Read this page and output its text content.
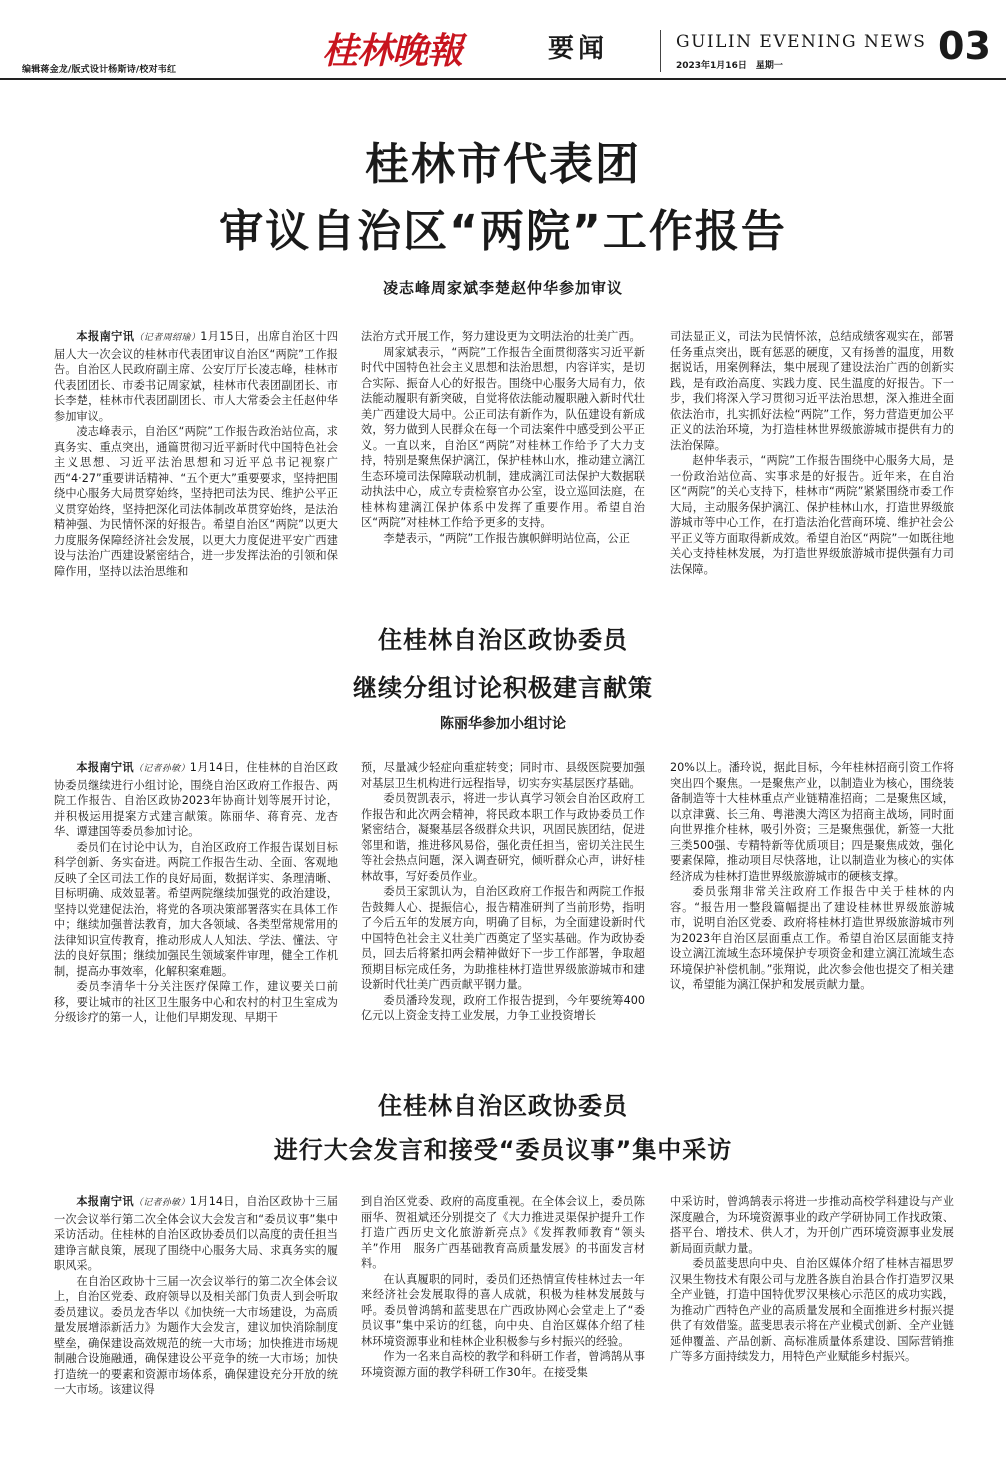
编辑蒋金龙/版式设计杨斯诗/校对韦红	桂林晚報	要闻	GUILIN EVENING NEWS
2023年1月16日　星期一	03
桂林市代表团
审议自治区“两院”工作报告
凌志峰周家斌李楚赵仲华参加审议

本报南宁讯（记者周绍瑜）1月15日，出席自治区十四届人大一次会议的桂林市代表团审议自治区“两院”工作报告。自治区人民政府副主席、公安厅厅长凌志峰，桂林市代表团团长、市委书记周家斌，桂林市代表团副团长、市长李楚，桂林市代表团副团长、市人大常委会主任赵仲华参加审议。

凌志峰表示，自治区“两院”工作报告政治站位高，求真务实、重点突出，通篇贯彻习近平新时代中国特色社会主义思想、习近平法治思想和习近平总书记视察广西“4·27”重要讲话精神、“五个更大”重要要求，坚持把围绕中心服务大局贯穿始终，坚持把司法为民、维护公平正义贯穿始终，坚持把深化司法体制改革贯穿始终，是法治精神强、为民情怀深的好报告。希望自治区“两院”以更大力度服务保障经济社会发展，以更大力度促进平安广西建设与法治广西建设紧密结合，进一步发挥法治的引领和保障作用，坚持以法治思维和

法治方式开展工作，努力建设更为文明法治的壮美广西。

周家斌表示，“两院”工作报告全面贯彻落实习近平新时代中国特色社会主义思想和法治思想，内容详实，是切合实际、振奋人心的好报告。围绕中心服务大局有力，依法能动履职有新突破，自觉将依法能动履职融入新时代壮美广西建设大局中。公正司法有新作为，队伍建设有新成效，努力做到人民群众在每一个司法案件中感受到公平正义。一直以来，自治区“两院”对桂林工作给予了大力支持，特别是聚焦保护漓江，保护桂林山水，推动建立漓江生态环境司法保障联动机制，建成漓江司法保护大数据联动执法中心，成立专责检察官办公室，设立巡回法庭，在桂林构建漓江保护体系中发挥了重要作用。希望自治区“两院”对桂林工作给予更多的支持。

李楚表示，“两院”工作报告旗帜鲜明站位高，公正

司法显正义，司法为民情怀浓，总结成绩客观实在，部署任务重点突出，既有惩恶的硬度，又有扬善的温度，用数据说话，用案例释法，集中展现了建设法治广西的创新实践，是有政治高度、实践力度、民生温度的好报告。下一步，我们将深入学习贯彻习近平法治思想，深入推进全面依法治市，扎实抓好法检“两院”工作，努力营造更加公平正义的法治环境，为打造桂林世界级旅游城市提供有力的法治保障。

赵仲华表示，“两院”工作报告围绕中心服务大局，是一份政治站位高、实事求是的好报告。近年来，在自治区“两院”的关心支持下，桂林市“两院”紧紧围绕市委工作大局，主动服务保护漓江、保护桂林山水，打造世界级旅游城市等中心工作，在打造法治化营商环境、维护社会公平正义等方面取得新成效。希望自治区“两院”一如既往地关心支持桂林发展，为打造世界级旅游城市提供强有力司法保障。

住桂林自治区政协委员
继续分组讨论积极建言献策
陈丽华参加小组讨论

本报南宁讯（记者孙敏）1月14日，住桂林的自治区政协委员继续进行小组讨论，围绕自治区政府工作报告、两院工作报告、自治区政协2023年协商计划等展开讨论，并积极运用提案方式建言献策。陈丽华、蒋育亮、龙杏华、谭建国等委员参加讨论。

委员们在讨论中认为，自治区政府工作报告谋划目标科学创新、务实奋进。两院工作报告生动、全面、客观地反映了全区司法工作的良好局面，数据详实、条理清晰、目标明确、成效显著。希望两院继续加强党的政治建设，坚持以党建促法治，将党的各项决策部署落实在具体工作中；继续加强普法教育，加大各领域、各类型常规常用的法律知识宣传教育，推动形成人人知法、学法、懂法、守法的良好氛围；继续加强民生领域案件审理，健全工作机制，提高办事效率，化解积案难题。

委员李清华十分关注医疗保障工作，建议要关口前移，要让城市的社区卫生服务中心和农村的村卫生室成为分级诊疗的第一人，让他们早期发现、早期干

预，尽量减少轻症向重症转变；同时市、县级医院要加强对基层卫生机构进行远程指导，切实夯实基层医疗基础。

委员贺凯表示，将进一步认真学习领会自治区政府工作报告和此次两会精神，将民政本职工作与政协委员工作紧密结合，凝聚基层各级群众共识，巩固民族团结，促进邻里和谐，推进移风易俗，强化责任担当，密切关注民生等社会热点问题，深入调查研究，倾听群众心声，讲好桂林故事，写好委员作业。

委员王家凯认为，自治区政府工作报告和两院工作报告鼓舞人心、提振信心，报告精准研判了当前形势，指明了今后五年的发展方向，明确了目标，为全面建设新时代中国特色社会主义壮美广西奠定了坚实基础。作为政协委员，回去后将紧扣两会精神做好下一步工作部署，争取超预期目标完成任务，为助推桂林打造世界级旅游城市和建设新时代壮美广西贡献平钢力量。

委员潘玲发现，政府工作报告提到，今年要统筹400亿元以上资金支持工业发展，力争工业投资增长

20%以上。潘玲说，据此目标，今年桂林招商引资工作将突出四个聚焦。一是聚焦产业，以制造业为核心，围绕装备制造等十大桂林重点产业链精准招商；二是聚焦区域，以京津冀、长三角、粤港澳大湾区为招商主战场，同时面向世界推介桂林，吸引外资；三是聚焦强优，新签一大批三类500强、专精特新等优质项目；四是聚焦成效，强化要素保障，推动项目尽快落地，让以制造业为核心的实体经济成为桂林打造世界级旅游城市的硬核支撑。

委员张翔非常关注政府工作报告中关于桂林的内容。“报告用一整段篇幅提出了建设桂林世界级旅游城市，说明自治区党委、政府将桂林打造世界级旅游城市列为2023年自治区层面重点工作。希望自治区层面能支持设立漓江流域生态环境保护专项资金和建立漓江流域生态环境保护补偿机制。”张翔说，此次参会他也提交了相关建议，希望能为漓江保护和发展贡献力量。

住桂林自治区政协委员
进行大会发言和接受“委员议事”集中采访

本报南宁讯（记者孙敏）1月14日，自治区政协十三届一次会议举行第二次全体会议大会发言和“委员议事”集中采访活动。住桂林的自治区政协委员们以高度的责任担当建诤言献良策，展现了围绕中心服务大局、求真务实的履职风采。

在自治区政协十三届一次会议举行的第二次全体会议上，自治区党委、政府领导以及相关部门负责人到会听取委员建议。委员龙杏华以《加快统一大市场建设，为高质量发展增添新活力》为题作大会发言，建议加快消除制度壁垒，确保建设高效规范的统一大市场；加快推进市场规制融合设施融通，确保建设公平竞争的统一大市场；加快打造统一的要素和资源市场体系，确保建设充分开放的统一大市场。该建议得

到自治区党委、政府的高度重视。在全体会议上，委员陈丽华、贺祖斌还分别提交了《大力推进灵渠保护提升工作　打造广西历史文化旅游新亮点》《发挥教师教育“领头羊”作用　服务广西基础教育高质量发展》的书面发言材料。

在认真履职的同时，委员们还热情宣传桂林过去一年来经济社会发展取得的喜人成就，积极为桂林发展鼓与呼。委员曾鸿鹄和蓝斐思在广西政协网心会堂走上了“委员议事”集中采访的红毯，向中央、自治区媒体介绍了桂林环境资源事业和桂林企业积极参与乡村振兴的经验。

作为一名来自高校的教学和科研工作者，曾鸿鹄从事环境资源方面的教学科研工作30年。在接受集

中采访时，曾鸿鹄表示将进一步推动高校学科建设与产业深度融合，为环境资源事业的政产学研协同工作找政策、搭平台、增技术、供人才，为开创广西环境资源事业发展新局面贡献力量。

委员蓝斐思向中央、自治区媒体介绍了桂林吉福思罗汉果生物技术有限公司与龙胜各族自治县合作打造罗汉果全产业链，打造中国特优罗汉果核心示范区的成功实践，为推动广西特色产业的高质量发展和全面推进乡村振兴提供了有效借鉴。蓝斐思表示将在产业模式创新、全产业链延伸覆盖、产品创新、高标准质量体系建设、国际营销推广等多方面持续发力，用特色产业赋能乡村振兴。
